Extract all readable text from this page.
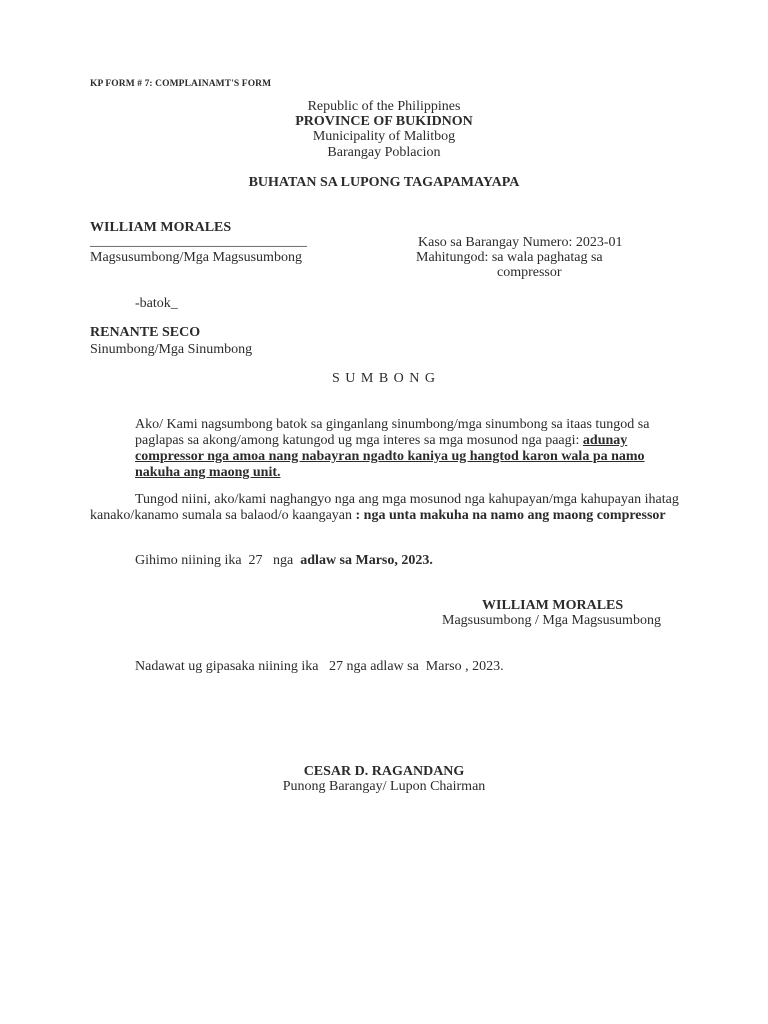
KP FORM # 7: COMPLAINAMT'S FORM
Republic of the Philippines
PROVINCE OF BUKIDNON
Municipality of Malitbog
Barangay Poblacion
BUHATAN SA LUPONG TAGAPAMAYAPA
WILLIAM MORALES
_______________________________
Magsusumbong/Mga Magsusumbong
Kaso sa Barangay Numero: 2023-01
Mahitungod: sa wala paghatag sa
compressor
-batok_
RENANTE SECO
Sinumbong/Mga Sinumbong
S U M B O N G
Ako/ Kami nagsumbong batok sa ginganlang sinumbong/mga sinumbong sa itaas tungod sa paglapas sa akong/among katungod ug mga interes sa mga mosunod nga paagi: adunay compressor nga amoa nang nabayran ngadto kaniya ug hangtod karon wala pa namo nakuha ang maong unit.
Tungod niini, ako/kami naghangyo nga ang mga mosunod nga kahupayan/mga kahupayan ihatag kanako/kanamo sumala sa balaod/o kaangayan : nga unta makuha na namo ang maong compressor
Gihimo niining ika  27   nga  adlaw sa Marso, 2023.
WILLIAM MORALES
Magsusumbong / Mga Magsusumbong
Nadawat ug gipasaka niining ika   27 nga adlaw sa  Marso , 2023.
CESAR D. RAGANDANG
Punong Barangay/ Lupon Chairman
